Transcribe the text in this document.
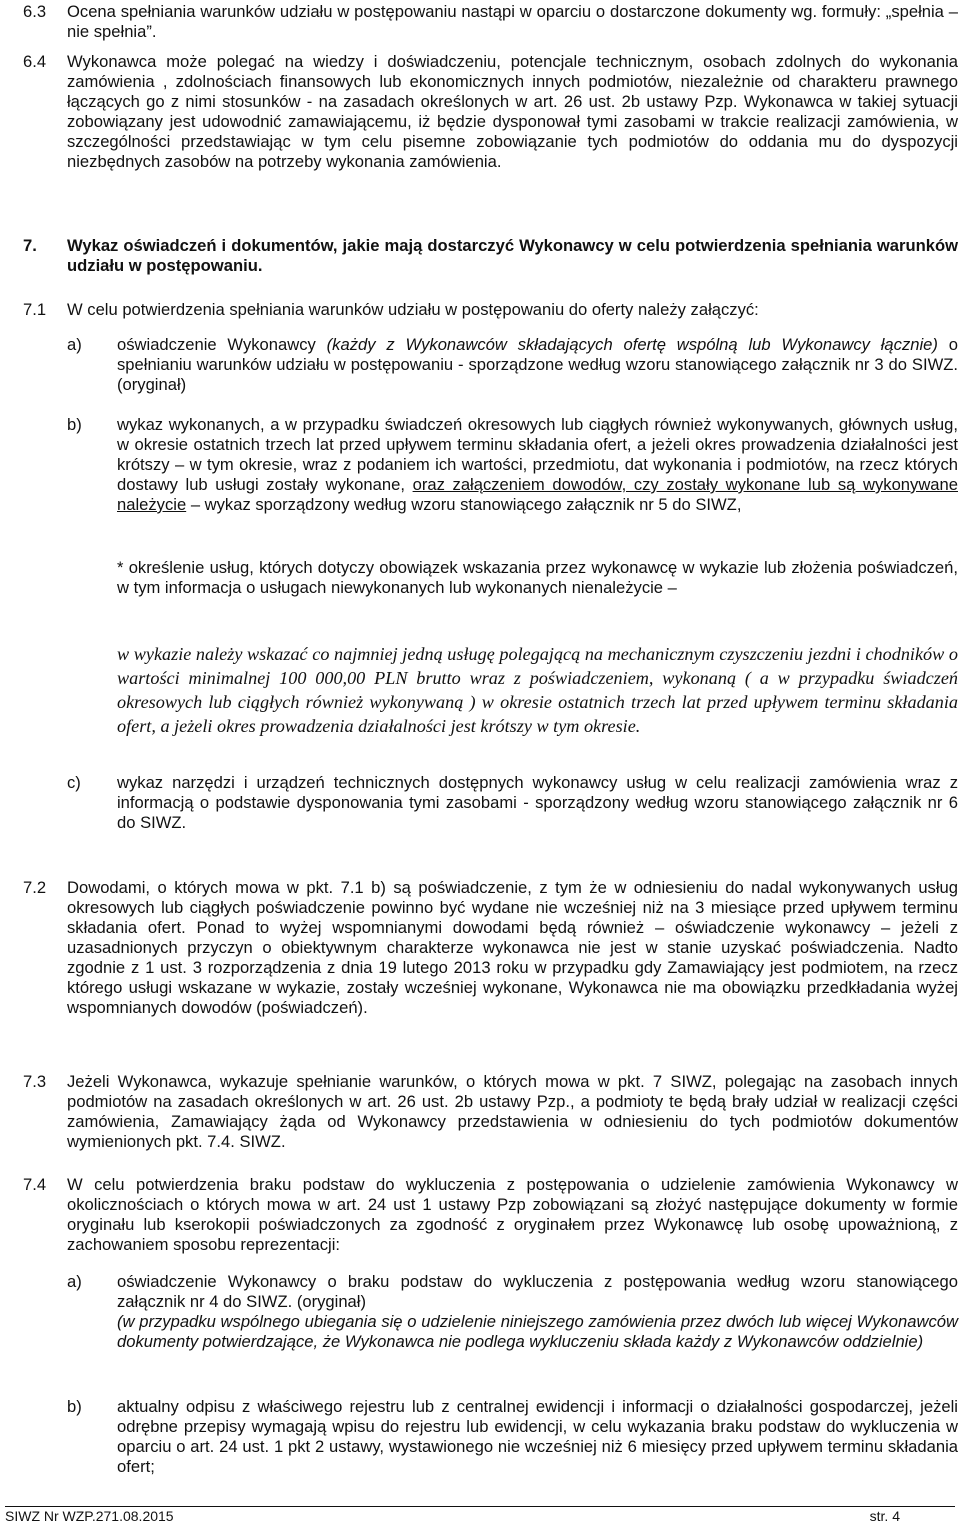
6.3 Ocena spełniania warunków udziału w postępowaniu nastąpi w oparciu o dostarczone dokumenty wg. formuły: „spełnia – nie spełnia”.
6.4 Wykonawca może polegać na wiedzy i doświadczeniu, potencjale technicznym, osobach zdolnych do wykonania zamówienia , zdolnościach finansowych lub ekonomicznych innych podmiotów, niezależnie od charakteru prawnego łączących go z nimi stosunków - na zasadach określonych w art. 26 ust. 2b ustawy Pzp. Wykonawca w takiej sytuacji zobowiązany jest udowodnić zamawiającemu, iż będzie dysponował tymi zasobami w trakcie realizacji zamówienia, w szczególności przedstawiając w tym celu pisemne zobowiązanie tych podmiotów do oddania mu do dyspozycji niezbędnych zasobów na potrzeby wykonania zamówienia.
7. Wykaz oświadczeń i dokumentów, jakie mają dostarczyć Wykonawcy w celu potwierdzenia spełniania warunków udziału w postępowaniu.
7.1 W celu potwierdzenia spełniania warunków udziału w postępowaniu do oferty należy załączyć:
a) oświadczenie Wykonawcy (każdy z Wykonawców składających ofertę wspólną lub Wykonawcy łącznie) o spełnianiu warunków udziału w postępowaniu - sporządzone według wzoru stanowiącego załącznik nr 3 do SIWZ. (oryginał)
b) wykaz wykonanych, a w przypadku świadczeń okresowych lub ciągłych również wykonywanych, głównych usług, w okresie ostatnich trzech lat przed upływem terminu składania ofert, a jeżeli okres prowadzenia działalności jest krótszy – w tym okresie, wraz z podaniem ich wartości, przedmiotu, dat wykonania i podmiotów, na rzecz których dostawy lub usługi zostały wykonane, oraz załączeniem dowodów, czy zostały wykonane lub są wykonywane należycie – wykaz sporządzony według wzoru stanowiącego załącznik nr 5 do SIWZ,
* określenie usług, których dotyczy obowiązek wskazania przez wykonawcę w wykazie lub złożenia poświadczeń, w tym informacja o usługach niewykonanych lub wykonanych nienależycie –
w wykazie należy wskazać co najmniej jedną usługę polegającą na mechanicznym czyszczeniu jezdni i chodników o wartości minimalnej 100 000,00 PLN brutto wraz z poświadczeniem, wykonaną ( a w przypadku świadczeń okresowych lub ciągłych również wykonywaną ) w okresie ostatnich trzech lat przed upływem terminu składania ofert, a jeżeli okres prowadzenia działalności jest krótszy w tym okresie.
c) wykaz narzędzi i urządzeń technicznych dostępnych wykonawcy usług w celu realizacji zamówienia wraz z informacją o podstawie dysponowania tymi zasobami - sporządzony według wzoru stanowiącego załącznik nr 6 do SIWZ.
7.2 Dowodami, o których mowa w pkt. 7.1 b) są poświadczenie, z tym że w odniesieniu do nadal wykonywanych usług okresowych lub ciągłych poświadczenie powinno być wydane nie wcześniej niż na 3 miesiące przed upływem terminu składania ofert. Ponad to wyżej wspomnianymi dowodami będą również – oświadczenie wykonawcy – jeżeli z uzasadnionych przyczyn o obiektywnym charakterze wykonawca nie jest w stanie uzyskać poświadczenia. Nadto zgodnie z 1 ust. 3 rozporządzenia z dnia 19 lutego 2013 roku w przypadku gdy Zamawiający jest podmiotem, na rzecz którego usługi wskazane w wykazie, zostały wcześniej wykonane, Wykonawca nie ma obowiązku przedkładania wyżej wspomnianych dowodów (poświadczeń).
7.3 Jeżeli Wykonawca, wykazuje spełnianie warunków, o których mowa w pkt. 7 SIWZ, polegając na zasobach innych podmiotów na zasadach określonych w art. 26 ust. 2b ustawy Pzp., a podmioty te będą brały udział w realizacji części zamówienia, Zamawiający żąda od Wykonawcy przedstawienia w odniesieniu do tych podmiotów dokumentów wymienionych pkt. 7.4. SIWZ.
7.4 W celu potwierdzenia braku podstaw do wykluczenia z postępowania o udzielenie zamówienia Wykonawcy w okolicznościach o których mowa w art. 24 ust 1 ustawy Pzp zobowiązani są złożyć następujące dokumenty w formie oryginału lub kserokopii poświadczonych za zgodność z oryginałem przez Wykonawcę lub osobę upoważnioną, z zachowaniem sposobu reprezentacji:
a) oświadczenie Wykonawcy o braku podstaw do wykluczenia z postępowania według wzoru stanowiącego załącznik nr 4 do SIWZ. (oryginał)
(w przypadku wspólnego ubiegania się o udzielenie niniejszego zamówienia przez dwóch lub więcej Wykonawców dokumenty potwierdzające, że Wykonawca nie podlega wykluczeniu składa każdy z Wykonawców oddzielnie)
b) aktualny odpisu z właściwego rejestru lub z centralnej ewidencji i informacji o działalności gospodarczej, jeżeli odrębne przepisy wymagają wpisu do rejestru lub ewidencji, w celu wykazania braku podstaw do wykluczenia w oparciu o art. 24 ust. 1 pkt 2 ustawy, wystawionego nie wcześniej niż 6 miesięcy przed upływem terminu składania ofert;
SIWZ Nr WZP.271.08.2015	str. 4
